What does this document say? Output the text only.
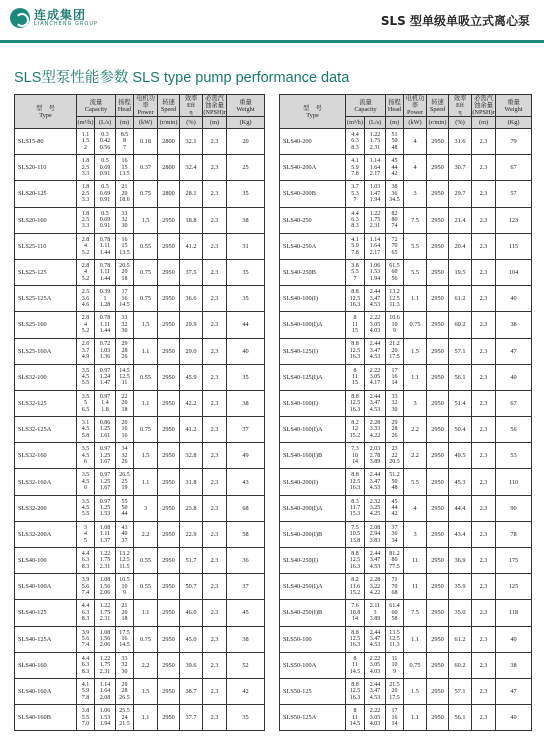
连成集团
LIANCHENG GROUP	SLS 型单级单吸立式离心泵
SLS型泵性能参数 SLS type pump performance data
型　号
Type	流量
Capacity		扬程
Head	电机功率
Power	转速
Speed	效率
Eff
η	必需汽蚀余量
(NPSH)r	重量
Weight
	(m³/h)	(L/s)	(m)	(kW)	(r/min)	(%)	(m)	(Kg)
SLS15-80	1.1
1.5
2	0.3
0.42
0.56	8.5
8
7	0.18	2800	32.1	2.3	20
SLS20-110	1.8
2.5
3.3	0.5
0.69
0.91	16
15
13.5	0.37	2800	32.4	2.3	25
SLS20-125	1.8
2.5
3.3	0.5
0.69
0.91	21
20
18.6	0.75	2800	28.1	2.3	35
SLS20-160	1.8
2.5
3.3	0.5
0.69
0.91	33
32
30	1.5	2950	18.8	2.3	38
SLS25-110	2.8
4
5.2	0.78
1.11
1.44	16
15
13.5	0.55	2950	41.2	2.3	31
SLS25-125	2.8
4
5.2	0.78
1.11
1.44	20.5
20
18	0.75	2950	37.5	2.3	35
SLS25-125A	2.5
3.6
4.6	0.39
1
1.28	17
16
14.5	0.75	2950	36.6	2.3	35
SLS25-160	2.8
4
5.2	0.78
1.11
1.44	33
32
30	1.5	2950	29.9	2.3	44
SLS25-160A	2.6
3.7
4.9	0.72
1.03
1.36	29
28
26	1.1	2950	29.0	2.3	40
SLS32-100	3.5
4.5
5.5	0.97
1.24
1.47	14.5
12.5
11	0.55	2950	45.9	2.3	35
SLS32-125	3.5
5
6.5	0.97
1.4
1.8	22
20
18	1.1	2950	42.2	2.3	38
SLS32-125A	3.1
4.5
5.8	0.86
1.25
1.61	20
16
16	0.75	2950	41.2	2.3	37
SLS32-160	3.5
4.5
6	0.97
1.25
1.67	34
32
26	1.5	2950	32.8	2.3	49
SLS32-160A	3.5
4.5
6	0.97
1.25
1.67	26.5
25
19	1.1	2950	31.8	2.3	43
SLS32-200	3.5
4.5
5.5	0.97
1.25
1.53	55
50
44	3	2950	23.8	2.3	68
SLS32-200A	3
4
5	1.08
1.11
1.37	43
40
37	2.2	2950	22.9	2.3	58
SLS40-100	4.4
6.3
8.3	1.22
1.75
2.31	13.2
12.5
11.5	0.55	2950	51.7	2.3	36
SLS40-100A	3.9
5.6
7.4	1.08
1.56
2.06	10.5
10
9	0.55	2950	50.7	2.3	37
SLS40-125	4.4
6.3
8.3	1.22
1.75
2.31	21
20
18	1.1	2950	46.0	2.3	45
SLS40-125A	3.9
5.6
7.4	1.08
1.56
2.06	17.5
16
14.5	0.75	2950	45.0	2.3	38
SLS40-160	4.4
6.3
8.3	1.22
1.75
2.31	33
32
30	2.2	2950	39.6	2.3	52
SLS40-160A	4.1
5.9
7.8	1.14
1.64
2.08	29
28
26.5	1.5	2950	38.7	2.3	42
SLS40-160B	3.8
5.5
7.0	1.06
1.53
1.94	25.5
24
21.5	1.1	2950	37.7	2.3	35
型　号
Type	流量
Capacity		扬程
Head	电机功率
Power	转速
Speed	效率
Eff
η	必需汽蚀余量
(NPSH)r	重量
Weight
	(m³/h)	(L/s)	(m)	(kW)	(r/min)	(%)	(m)	(Kg)
SLS40-200	4.4
6.3
8.3	1.22
1.75
2.31	51
50
48	4	2950	31.6	2.3	79
SLS40-200A	4.1
5.9
7.8	1.14
1.64
2.17	45
44
42	4	2950	30.7	2.3	67
SLS40-200B	3.7
5.3
7	1.03
1.47
1.94	38
36
34.5	3	2950	29.7	2.3	57
SLS40-250	4.4
6.3
8.3	1.22
1.75
2.31	82
80
74	7.5	2950	21.4	2.3	123
SLS40-250A	4.1
5.9
7.8	1.14
1.64
2.17	72
70
65	5.5	2950	20.4	2.3	115
SLS40-250B	3.8
5.5
7	1.06
1.53
1.94	61.5
60
56	5.5	2950	19.5	2.3	104
SLS40-100(I)	8.8
12.5
16.3	2.44
3.47
4.53	13.2
12.5
11.3	1.1	2950	61.2	2.3	40
SLS40-100(I)A	8
11
15	2.22
3.05
4.03	10.6
10
9	0.75	2950	60.2	2.3	38
SLS40-125(I)	8.8
12.5
16.3	2.44
3.47
4.53	21.2
20
17.5	1.5	2950	57.1	2.3	47
SLS40-125(I)A	8
11
15	2.22
3.05
4.17	17
16
14	1.1	2950	56.1	2.3	40
SLS40-160(I)	8.8
12.5
16.3	2.44
3.47
4.53	33
32
30	3	2950	51.4	2.3	67
SLS40-160(I)A	8.2
12
15.2	2.28
3.33
4.22	29
28
26	2.2	2950	50.4	2.3	56
SLS40-160(I)B	7.3
10
14	2.03
2.78
3.89	23
22
20.5	2.2	2950	49.5	2.3	53
SLS40-200(I)	8.8
12.5
16.3	2.44
3.47
4.53	51.2
50
48	5.5	2950	45.3	2.3	110
SLS40-200(I)A	8.3
11.7
15.3	2.32
3.25
4.25	45
44
42	4	2950	44.4	2.3	90
SLS40-200(I)B	7.5
10.5
13.8	2.08
2.94
3.83	37
36
34	3	2950	43.4	2.3	78
SLS40-250(I)	8.8
12.5
16.3	2.44
3.47
4.53	81.2
80
77.5	11	2950	36.9	2.3	175
SLS40-250(I)A	8.2
11.6
15.2	2.28
3.22
4.22	71
70
68	11	2950	35.9	2.3	125
SLS40-250(I)B	7.6
10.8
14	2.11
3
3.89	61.4
60
58	7.5	2950	35.0	2.3	118
SLS50-100	8.8
12.5
16.3	2.44
3.47
4.53	13.5
12.5
11.3	1.1	2950	61.2	2.3	40
SLS50-100A	8
11
14.5	2.22
3.05
4.03	11
10
9	0.75	2950	60.2	2.3	38
SLS50-125	8.8
12.5
16.3	2.44
3.47
4.53	21.5
20
17.5	1.5	2950	57.1	2.3	47
SLS50-125A	8
11
14.5	2.22
3.05
4.03	17
16
14	1.1	2950	56.1	2.3	40
